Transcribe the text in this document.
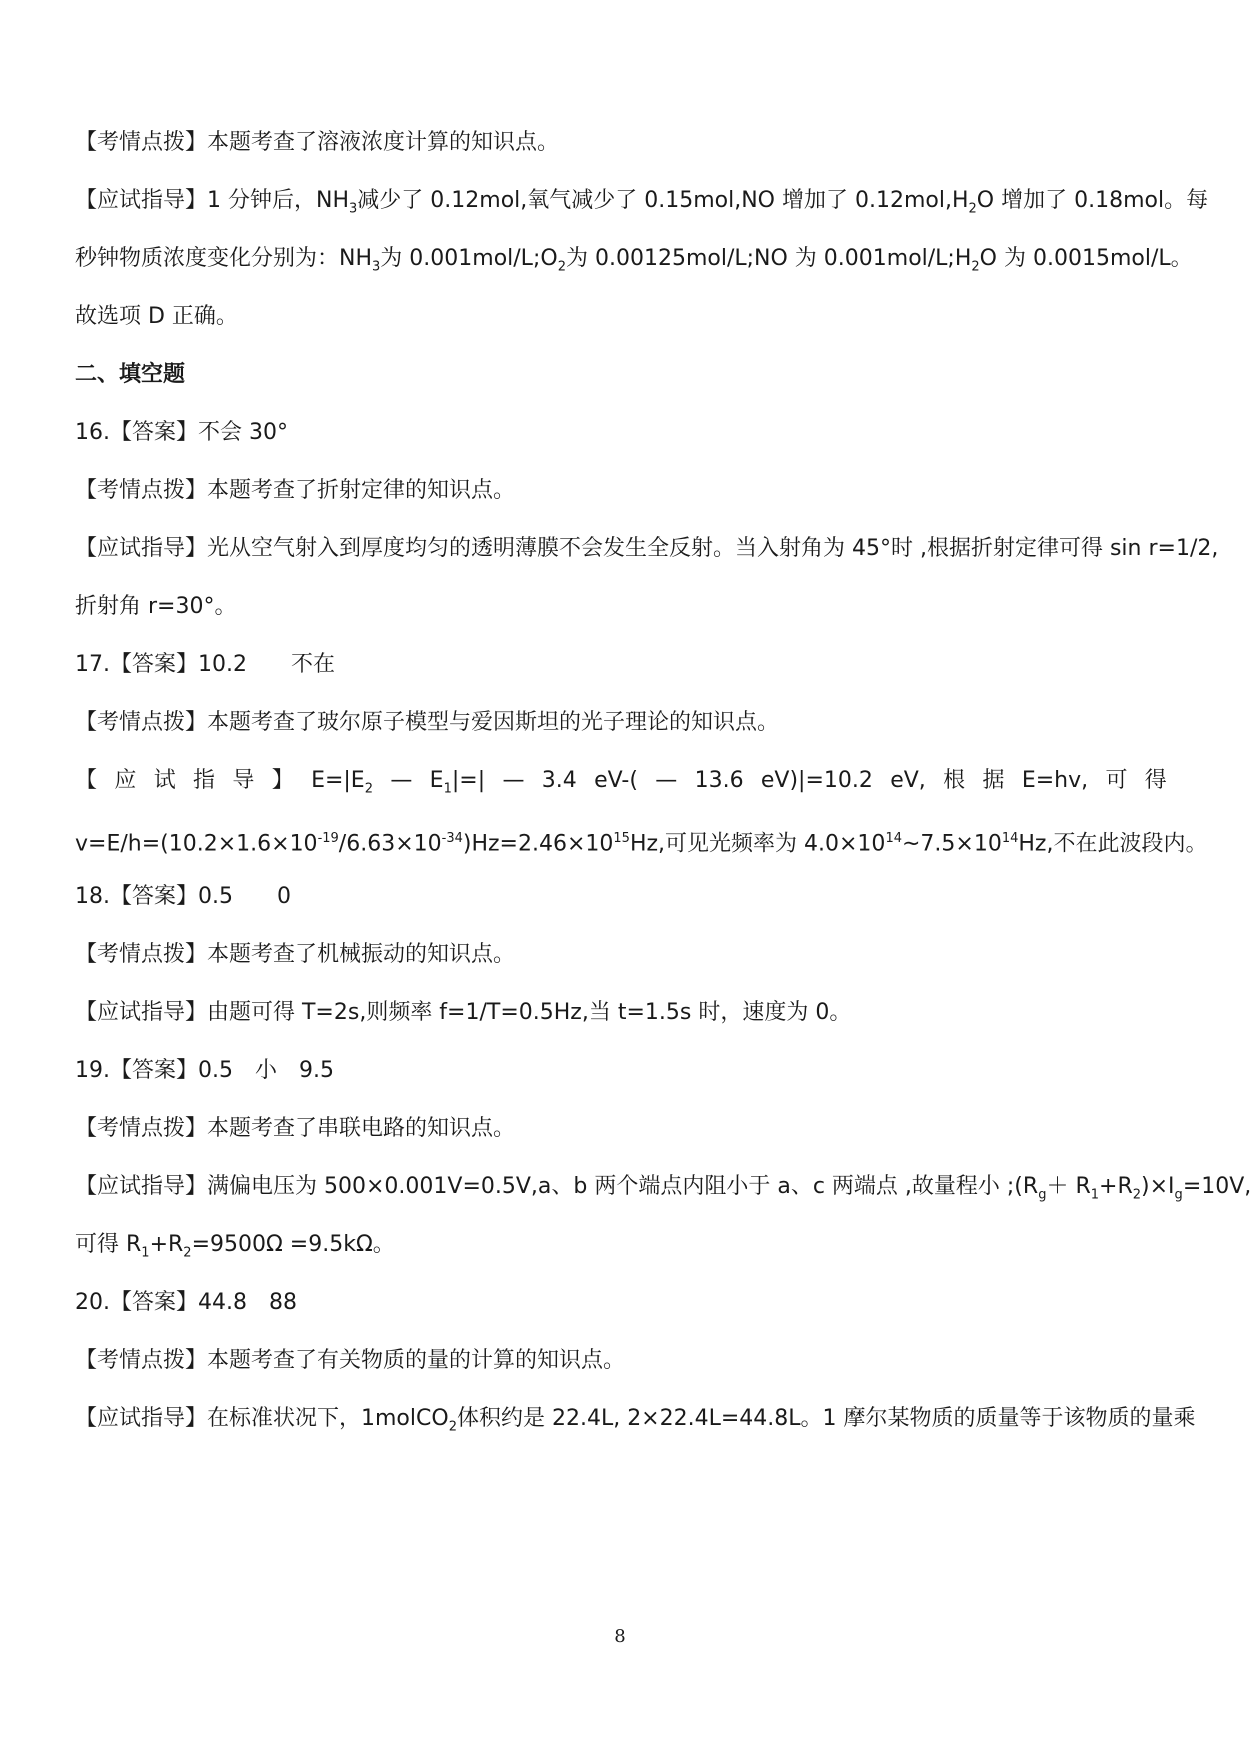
【考情点拨】本题考查了溶液浓度计算的知识点。
【应试指导】1 分钟后，$NH_3$减少了 0.12mol,氧气减少了 0.15mol,NO 增加了 $0.12mol,H_2O$ 增加了 0.18mol。每
秒钟物质浓度变化分别为：$NH_3$为 $0.001mol/L;O_2$为 0.00125mol/L;NO 为 $0.001mol/L;H_2O$ 为 0.0015mol/L。
故选项 D 正确。
二、填空题
16.【答案】不会 30°
【考情点拨】本题考查了折射定律的知识点。
【应试指导】光从空气射入到厚度均匀的透明薄膜不会发生全反射。当入射角为 45°时 ,根据折射定律可得 sin r=1/2,
折射角 r=30°。
17.【答案】10.2 不在
【考情点拨】本题考查了玻尔原子模型与爱因斯坦的光子理论的知识点。
【 应 试 指 导 】 $E=|E_2$ — $E_1|=|$ — 3.4 eV-( — 13.6 eV)|=10.2 eV, 根 据 E=hv, 可 得
$v=E/h=(10.2\times 1.6\times 10^{-19}/6.63\times 10^{-34})Hz=2.46\times 10^{15}Hz$,可见光频率为 $4.0\times 10^{14}\sim 7.5\times 10^{14}Hz$,不在此波段内。
18.【答案】0.5 0
【考情点拨】本题考查了机械振动的知识点。
【应试指导】由题可得 T=2s,则频率 f=1/T=0.5Hz,当 t=1.5s 时，速度为 0。
19.【答案】0.5 小 9.5
【考情点拨】本题考查了串联电路的知识点。
【应试指导】满偏电压为 500×0.001V=0.5V,a、b 两个端点内阻小于 a、c 两端点 ,故量程小 $;(R_g+ R_1+R_2)\times I_g=10V$,
可得 $R_1+R_2=9500\Omega =9.5k\Omega$。
20.【答案】44.8 88
【考情点拨】本题考查了有关物质的量的计算的知识点。
【应试指导】在标准状况下，1molCO$_2$体积约是 22.4L, 2×22.4L=44.8L。1 摩尔某物质的质量等于该物质的量乘
8
